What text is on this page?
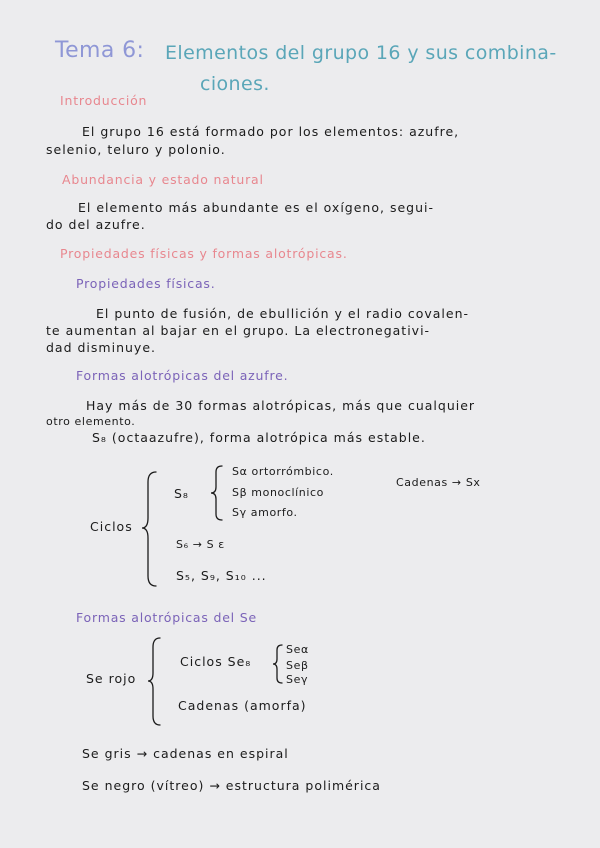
Tema 6: Elementos del grupo 16 y sus combina-
ciones.
Introducción
El grupo 16 está formado por los elementos: azufre,
selenio, teluro y polonio.
Abundancia y estado natural
El elemento más abundante es el oxígeno, segui-
do del azufre.
Propiedades físicas y formas alotrópicas.
Propiedades físicas.
El punto de fusión, de ebullición y el radio covalen-
te aumentan al bajar en el grupo. La electronegativi-
dad disminuye.
Formas alotrópicas del azufre.
Hay más de 30 formas alotrópicas, más que cualquier
otro elemento.
S₈ (octaazufre), forma alotrópica más estable.
Ciclos
S₈
Sα ortorrómbico.
Sβ monoclínico
Sγ amorfo.
Cadenas → Sx
S₆ → S ε
S₅, S₉, S₁₀ ...
Formas alotrópicas del Se
Se rojo
Ciclos Se₈
Seα
Seβ
Seγ
Cadenas (amorfa)
Se gris → cadenas en espiral
Se negro (vítreo) → estructura polimérica
